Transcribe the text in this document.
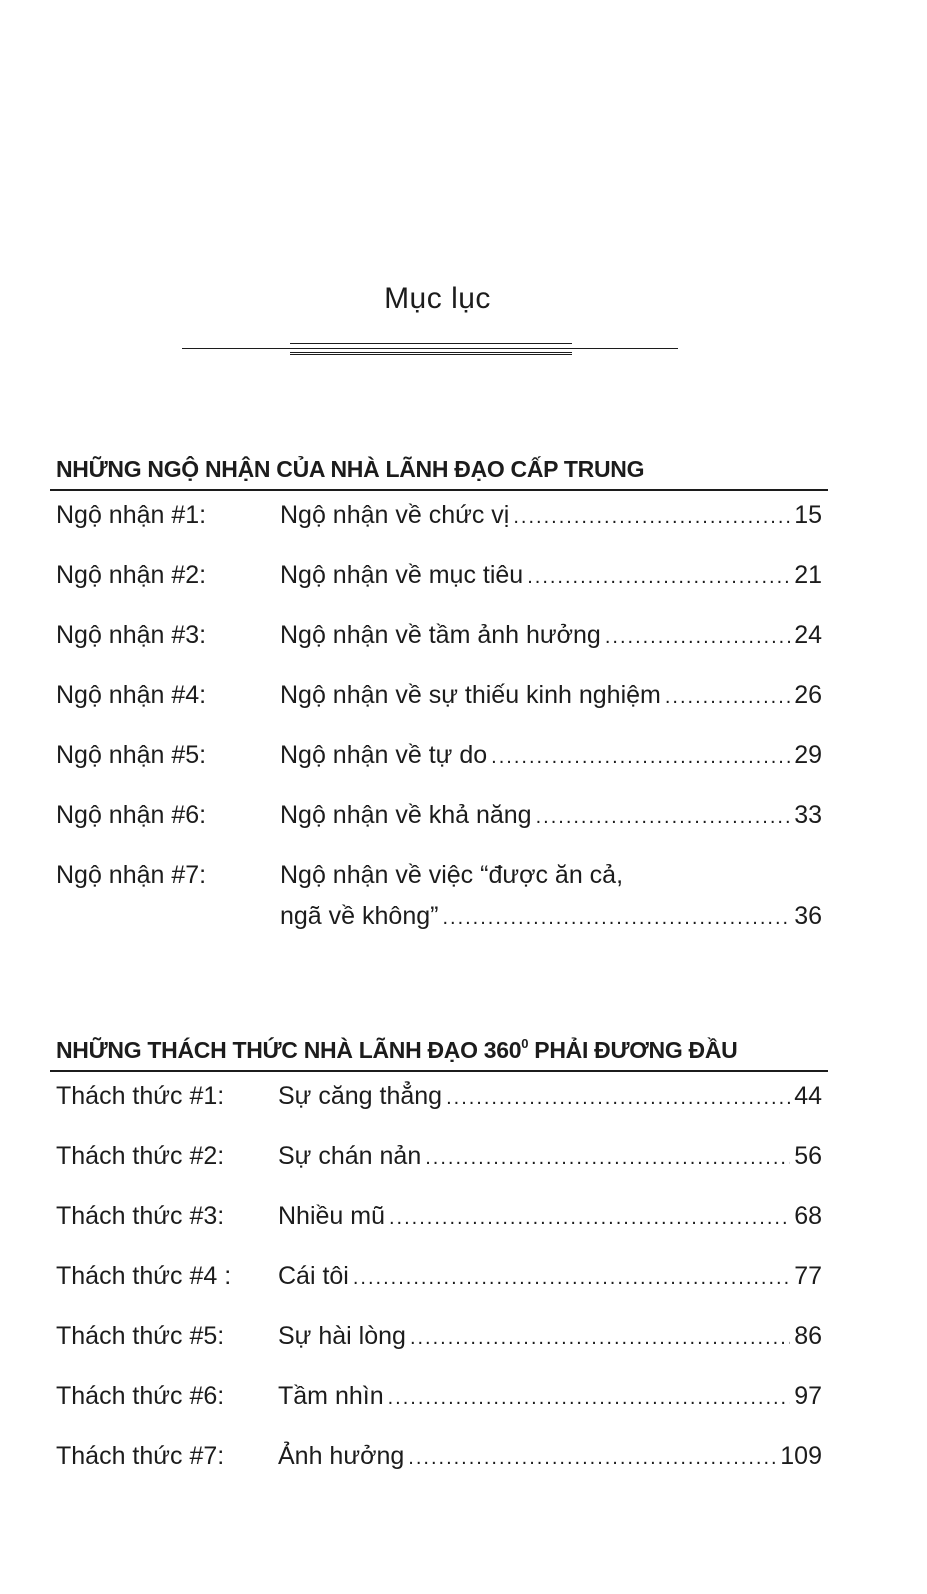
Mục lục
NHỮNG NGỘ NHẬN CỦA NHÀ LÃNH ĐẠO CẤP TRUNG
Ngộ nhận #1:	Ngộ nhận về chức vị .....	15
Ngộ nhận #2:	Ngộ nhận về mục tiêu .....	21
Ngộ nhận #3:	Ngộ nhận về tầm ảnh hưởng .....	24
Ngộ nhận #4:	Ngộ nhận về sự thiếu kinh nghiệm .....	26
Ngộ nhận #5:	Ngộ nhận về tự do .....	29
Ngộ nhận #6:	Ngộ nhận về khả năng .....	33
Ngộ nhận #7:	Ngộ nhận về việc “được ăn cả,
ngã về không” .....	36
NHỮNG THÁCH THỨC NHÀ LÃNH ĐẠO $360^0$ PHẢI ĐƯƠNG ĐẦU
Thách thức #1: Sự căng thẳng .....	44
Thách thức #2: Sự chán nản .....	56
Thách thức #3: Nhiều mũ .....	68
Thách thức #4 : Cái tôi .....	77
Thách thức #5: Sự hài lòng .....	86
Thách thức #6: Tầm nhìn .....	97
Thách thức #7: Ảnh hưởng .....	109
